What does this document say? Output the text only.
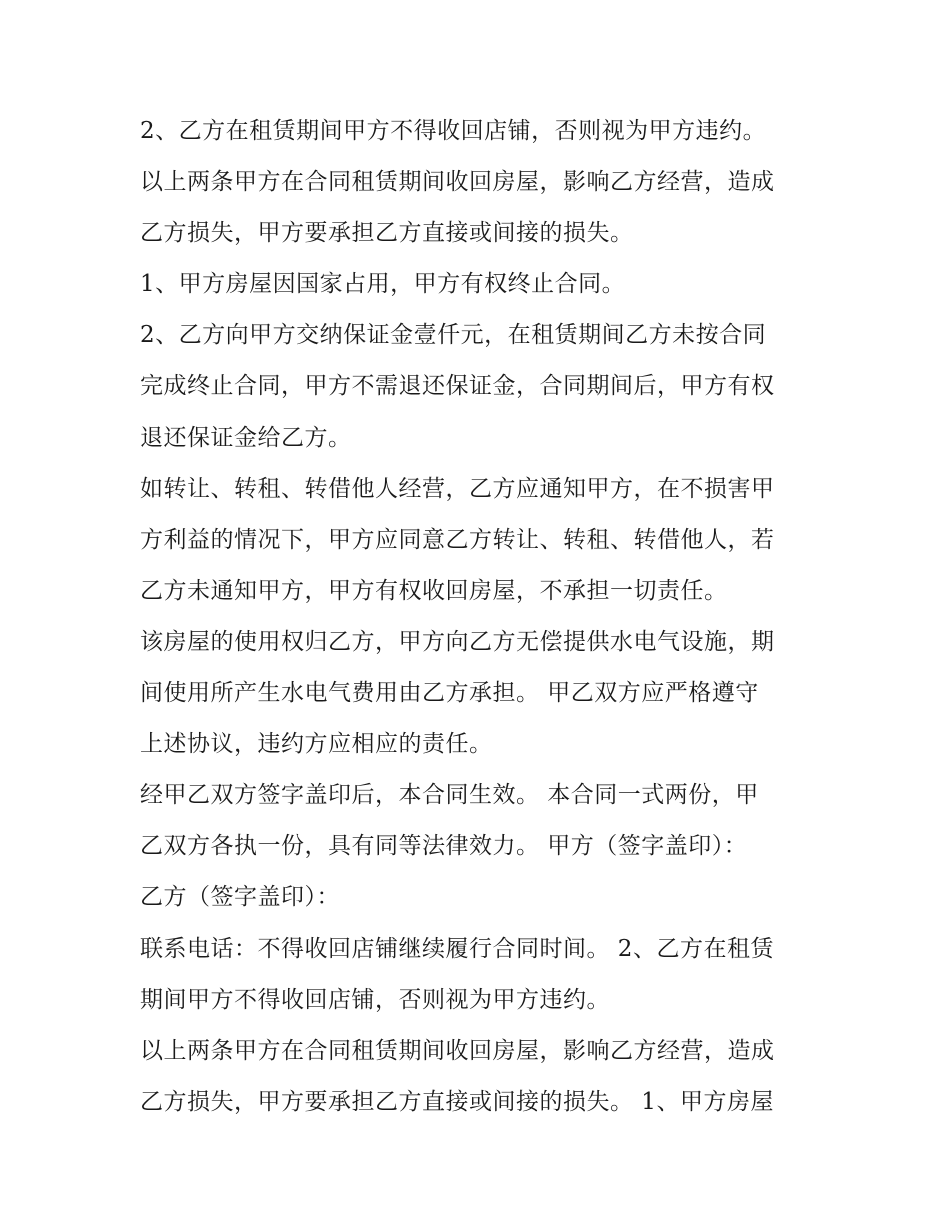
2、乙方在租赁期间甲方不得收回店铺，否则视为甲方违约。
以上两条甲方在合同租赁期间收回房屋，影响乙方经营，造成
乙方损失，甲方要承担乙方直接或间接的损失。
1、甲方房屋因国家占用，甲方有权终止合同。
2、乙方向甲方交纳保证金壹仟元，在租赁期间乙方未按合同
完成终止合同，甲方不需退还保证金，合同期间后，甲方有权
退还保证金给乙方。
如转让、转租、转借他人经营，乙方应通知甲方，在不损害甲
方利益的情况下，甲方应同意乙方转让、转租、转借他人，若
乙方未通知甲方，甲方有权收回房屋，不承担一切责任。
该房屋的使用权归乙方，甲方向乙方无偿提供水电气设施，期
间使用所产生水电气费用由乙方承担。 甲乙双方应严格遵守
上述协议，违约方应相应的责任。
经甲乙双方签字盖印后，本合同生效。 本合同一式两份，甲
乙双方各执一份，具有同等法律效力。 甲方（签字盖印）：
乙方（签字盖印）：
联系电话：不得收回店铺继续履行合同时间。 2、乙方在租赁
期间甲方不得收回店铺，否则视为甲方违约。
以上两条甲方在合同租赁期间收回房屋，影响乙方经营，造成
乙方损失，甲方要承担乙方直接或间接的损失。 1、甲方房屋
